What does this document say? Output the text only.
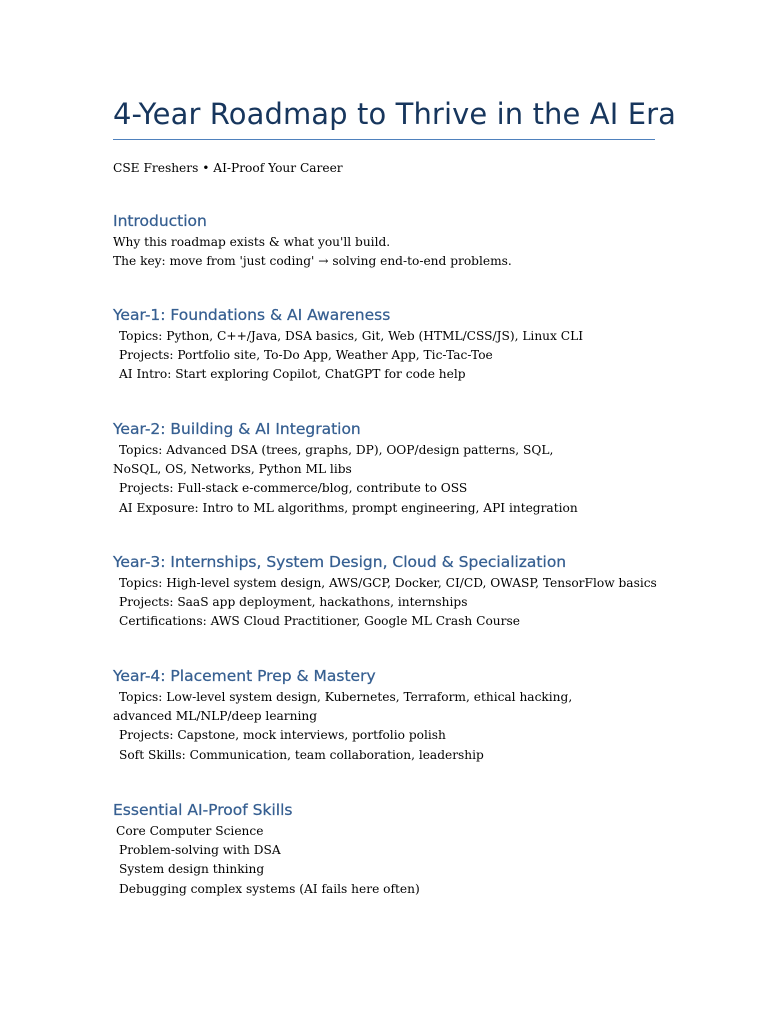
4-Year Roadmap to Thrive in the AI Era

CSE Freshers • AI-Proof Your Career

Introduction

Why this roadmap exists & what you'll build.

The key: move from 'just coding' → solving end-to-end problems.

Year-1: Foundations & AI Awareness

Topics: Python, C++/Java, DSA basics, Git, Web (HTML/CSS/JS), Linux CLI

Projects: Portfolio site, To-Do App, Weather App, Tic-Tac-Toe

AI Intro: Start exploring Copilot, ChatGPT for code help

Year-2: Building & AI Integration

Topics: Advanced DSA (trees, graphs, DP), OOP/design patterns, SQL, NoSQL, OS, Networks, Python ML libs

Projects: Full-stack e-commerce/blog, contribute to OSS

AI Exposure: Intro to ML algorithms, prompt engineering, API integration

Year-3: Internships, System Design, Cloud & Specialization

Topics: High-level system design, AWS/GCP, Docker, CI/CD, OWASP, TensorFlow basics

Projects: SaaS app deployment, hackathons, internships

Certifications: AWS Cloud Practitioner, Google ML Crash Course

Year-4: Placement Prep & Mastery

Topics: Low-level system design, Kubernetes, Terraform, ethical hacking, advanced ML/NLP/deep learning

Projects: Capstone, mock interviews, portfolio polish

Soft Skills: Communication, team collaboration, leadership

Essential AI-Proof Skills

Core Computer Science

Problem-solving with DSA

System design thinking

Debugging complex systems (AI fails here often)
